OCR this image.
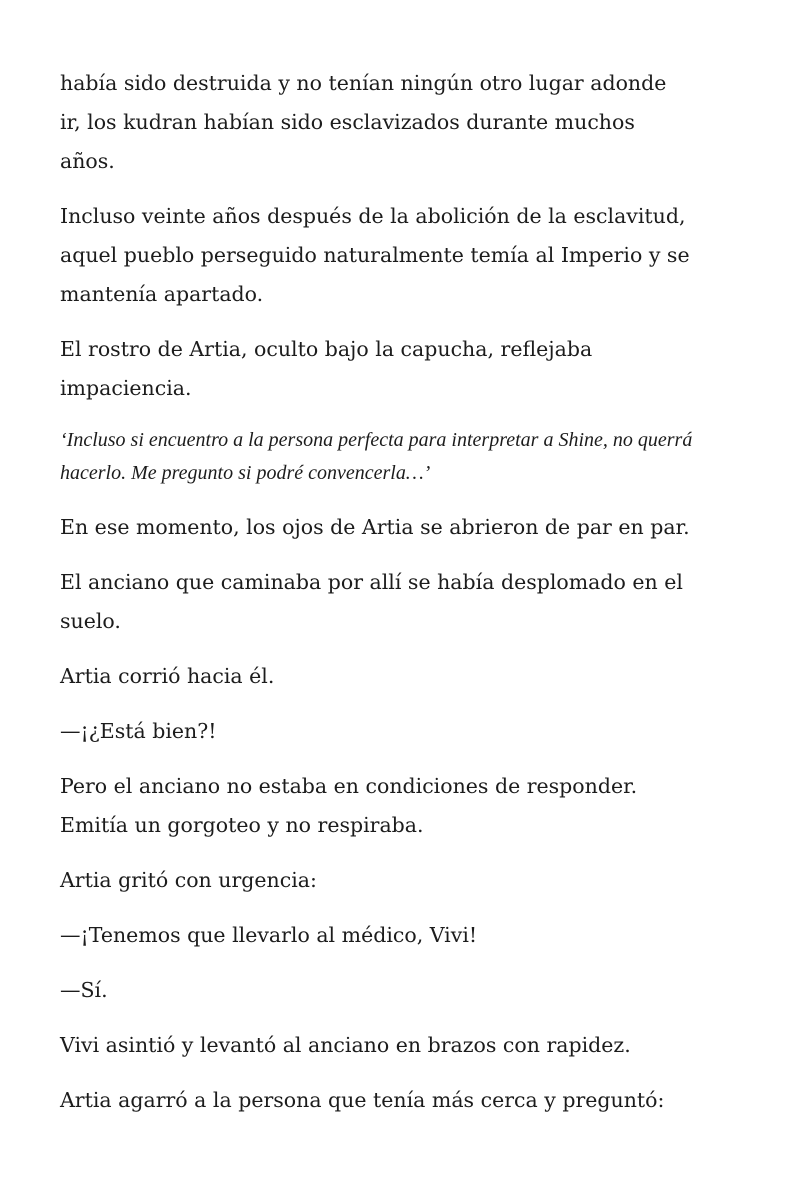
había sido destruida y no tenían ningún otro lugar adonde
ir, los kudran habían sido esclavizados durante muchos
años.

Incluso veinte años después de la abolición de la esclavitud,
aquel pueblo perseguido naturalmente temía al Imperio y se
mantenía apartado.

El rostro de Artia, oculto bajo la capucha, reflejaba
impaciencia.

‘Incluso si encuentro a la persona perfecta para interpretar a Shine, no querrá
hacerlo. Me pregunto si podré convencerla…’

En ese momento, los ojos de Artia se abrieron de par en par.

El anciano que caminaba por allí se había desplomado en el
suelo.

Artia corrió hacia él.

—¡¿Está bien?!

Pero el anciano no estaba en condiciones de responder.
Emitía un gorgoteo y no respiraba.

Artia gritó con urgencia:

—¡Tenemos que llevarlo al médico, Vivi!

—Sí.

Vivi asintió y levantó al anciano en brazos con rapidez.

Artia agarró a la persona que tenía más cerca y preguntó:
